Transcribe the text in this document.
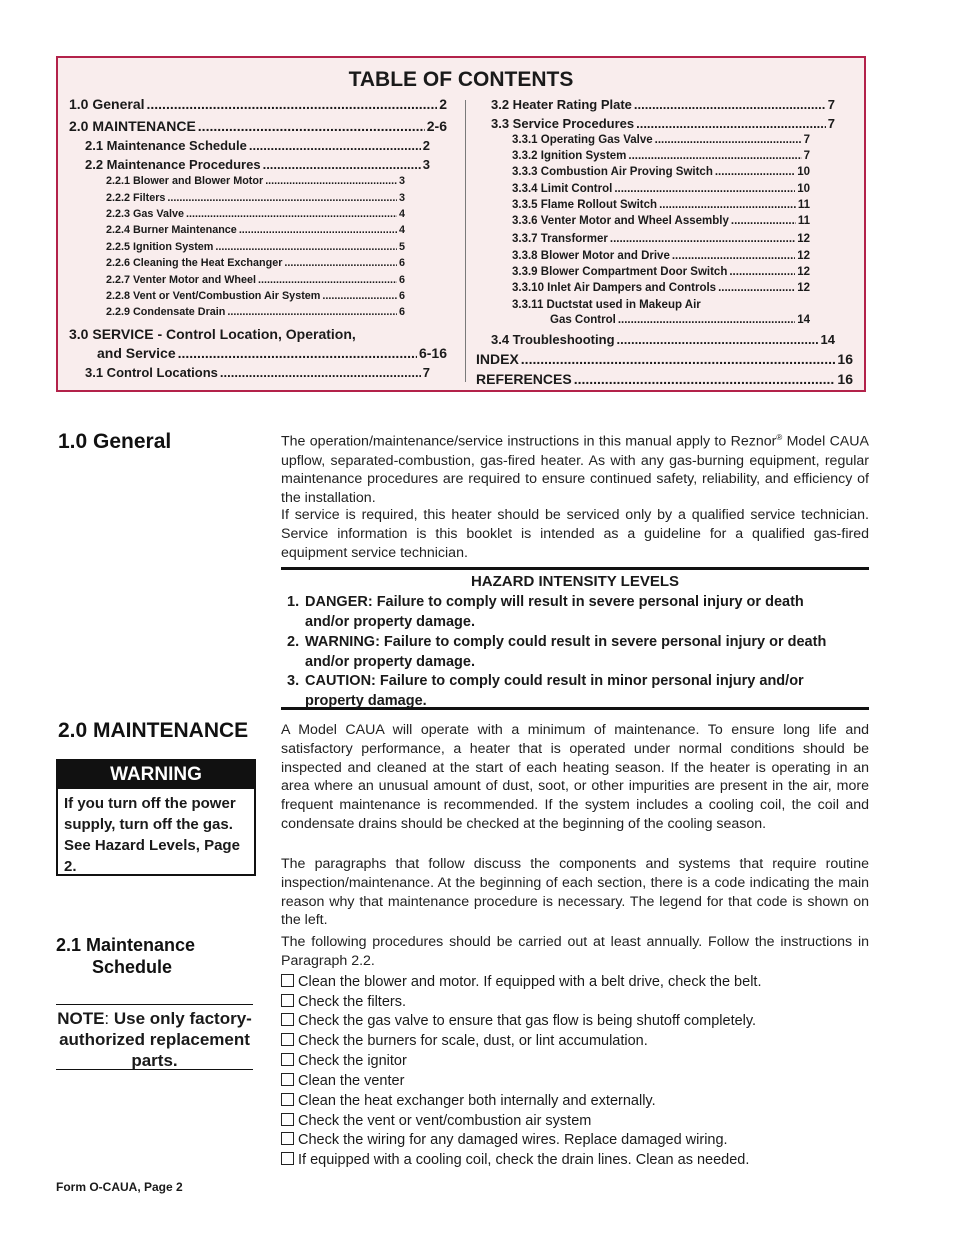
TABLE OF CONTENTS
1.0 General .....	2
2.0 MAINTENANCE .....	2-6
2.1 Maintenance Schedule .....	2
2.2 Maintenance Procedures .....	3
2.2.1 Blower and Blower Motor .....	3
2.2.2 Filters .....	3
2.2.3 Gas Valve .....	4
2.2.4 Burner Maintenance .....	4
2.2.5 Ignition System .....	5
2.2.6 Cleaning the Heat Exchanger .....	6
2.2.7 Venter Motor and Wheel .....	6
2.2.8 Vent or Vent/Combustion Air System .....	6
2.2.9 Condensate Drain .....	6
3.0 SERVICE - Control Location, Operation,
and Service .....	6-16
3.1 Control Locations .....	7
3.2 Heater Rating Plate .....	7
3.3 Service Procedures .....	7
3.3.1 Operating Gas Valve .....	7
3.3.2 Ignition System .....	7
3.3.3 Combustion Air Proving Switch .....	10
3.3.4 Limit Control .....	10
3.3.5 Flame Rollout Switch .....	11
3.3.6 Venter Motor and Wheel Assembly .....	11
3.3.7 Transformer .....	12
3.3.8 Blower Motor and Drive .....	12
3.3.9 Blower Compartment Door Switch .....	12
3.3.10 Inlet Air Dampers and Controls .....	12
3.3.11 Ductstat used in Makeup Air
Gas Control .....	14
3.4 Troubleshooting .....	14
INDEX .....	16
REFERENCES .....	16
1.0 General	The operation/maintenance/service instructions in this manual apply to Reznor® Model CAUA upflow, separated-combustion, gas-fired heater. As with any gas-burning equipment, regular maintenance procedures are required to ensure continued safety, reliability, and efficiency of the installation.
If service is required, this heater should be serviced only by a qualified service technician. Service information is this booklet is intended as a guideline for a qualified gas-fired equipment service technician.
HAZARD INTENSITY LEVELS
1. DANGER: Failure to comply will result in severe personal injury or death and/or property damage.
2. WARNING: Failure to comply could result in severe personal injury or death and/or property damage.
3. CAUTION: Failure to comply could result in minor personal injury and/or property damage.
2.0 MAINTENANCE A Model CAUA will operate with a minimum of maintenance. To ensure long life and satisfactory performance, a heater that is operated under normal conditions should be inspected and cleaned at the start of each heating season. If the heater is operating in an area where an unusual amount of dust, soot, or other impurities are present in the air, more frequent maintenance is recommended. If the system includes a cooling coil, the coil and condensate drains should be checked at the beginning of the cooling season.
The paragraphs that follow discuss the components and systems that require routine inspection/maintenance. At the beginning of each section, there is a code indicating the main reason why that maintenance procedure is necessary. The legend for that code is shown on the left.
WARNING
If you turn off the power supply, turn off the gas. See Hazard Levels, Page 2.
2.1 Maintenance
Schedule
The following procedures should be carried out at least annually. Follow the instructions in Paragraph 2.2.
Clean the blower and motor. If equipped with a belt drive, check the belt.
Check the filters.
Check the gas valve to ensure that gas flow is being shutoff completely.
Check the burners for scale, dust, or lint accumulation.
Check the ignitor
Clean the venter
Clean the heat exchanger both internally and externally.
Check the vent or vent/combustion air system
Check the wiring for any damaged wires. Replace damaged wiring.
If equipped with a cooling coil, check the drain lines. Clean as needed.
NOTE: Use only factory-authorized replacement parts.
Form O-CAUA, Page 2
